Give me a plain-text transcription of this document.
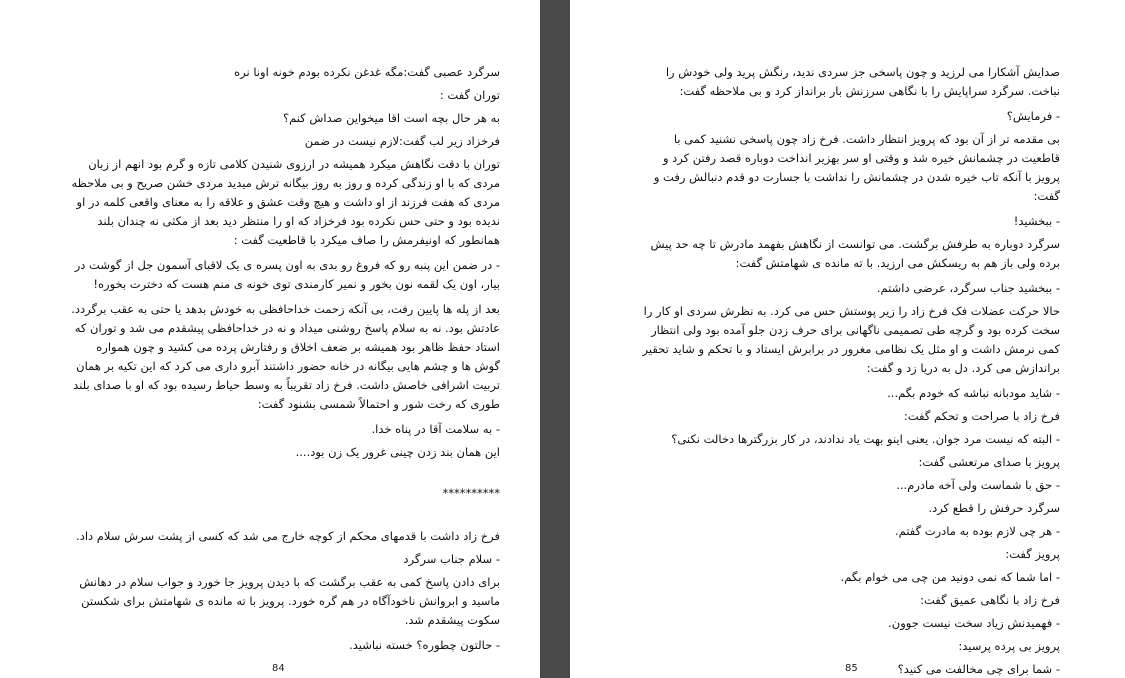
سرگرد عصبی گفت:مگه غدغن نکرده بودم خونه اونا نره

توران گفت :

به هر حال بچه است اقا میخواین صداش کنم؟

فرخزاد زیر لب گفت:لازم نیست در ضمن

توران با دقت نگاهش میکرد همیشه در ارزوی شنیدن کلامی تازه و گرم بود انهم از زبان مردی که با او زندگی کرده و روز به روز بیگانه ترش میدید مردی خشن صریح و بی ملاحظه مردی که هفت فرزند از او داشت و هیچ وقت عشق و علاقه را به معنای واقعی کلمه در او ندیده بود و حتی حس نکرده بود فرخزاد که او را منتظر دید بعد از مکثی نه چندان بلند همانطور که اونیفرمش را صاف میکرد با قاطعیت گفت :

- در ضمن این پنبه رو که فروغ رو بدی به اون پسره ی یک لاقبای آسمون جل از گوشت در بیار، اون یک لقمه نون بخور و نمیر کارمندی توی خونه ی منم هست که دخترت بخوره!

بعد از پله ها پایین رفت، بی آنکه زحمت خداحافظی به خودش بدهد یا حتی به عقب برگردد. عادتش بود. نه به سلام پاسخ روشنی میداد و نه در خداحافظی پیشقدم می شد و توران که استاد حفظ ظاهر بود همیشه بر ضعف اخلاق و رفتارش پرده می کشید و چون همواره گوش ها و چشم هایی بیگانه در خانه حضور داشتند آبرو داری می کرد که این تکیه بر همان تربیت اشرافی خاصش داشت. فرخ زاد تقریباً به وسط حیاط رسیده بود که او با صدای بلند طوری که رخت شور و احتمالاً شمسی بشنود گفت:

- به سلامت آقا در پناه خدا.

این همان بند زدن چینی غرور یک زن بود....

**********

فرخ زاد داشت با قدمهای محکم از کوچه خارج می شد که کسی از پشت سرش سلام داد.

- سلام جناب سرگرد

برای دادن پاسخ کمی به عقب برگشت که با دیدن پرویز جا خورد و جواب سلام در دهانش ماسید و ابروانش ناخودآگاه در هم گره خورد. پرویز با ته مانده ی شهامتش برای شکستن سکوت پیشقدم شد.

- حالتون چطوره؟ خسته نباشید.

84

صدایش آشکارا می لرزید و چون پاسخی جز سردی ندید، رنگش پرید ولی خودش را نباخت. سرگرد سراپایش را با نگاهی سرزنش بار برانداز کرد و بی ملاحظه گفت:

- فرمایش؟

بی مقدمه تر از آن بود که پرویز انتظار داشت. فرخ زاد چون پاسخی نشنید کمی با قاطعیت در چشمانش خیره شد و وقتی او سر بهزیر انداخت دوباره قصد رفتن کرد و پرویز با آنکه تاب خیره شدن در چشمانش را نداشت با جسارت دو قدم دنبالش رفت و گفت:

- ببخشید!

سرگرد دوباره به طرفش برگشت. می توانست از نگاهش بفهمد مادرش تا چه حد پیش برده ولی باز هم به ریسکش می ارزید. با ته مانده ی شهامتش گفت:

- ببخشید جناب سرگرد، عرضی داشتم.

حالا حرکت عضلات فک فرخ زاد را زیر پوستش حس می کرد. به نظرش سردی او کار را سخت کرده بود و گرچه طی تصمیمی ناگهانی برای حرف زدن جلو آمده بود ولی انتظار کمی نرمش داشت و او مثل یک نظامی مغرور در برابرش ایستاد و با تحکم و شاید تحقیر براندازش می کرد. دل به دریا زد و گفت:

- شاید مودبانه نباشه که خودم بگم...

فرخ زاد با صراحت و تحکم گفت:

- البته که نیست مرد جوان. یعنی اینو بهت یاد ندادند، در کار بزرگترها دخالت نکنی؟

پرویز با صدای مرتعشی گفت:

- حق با شماست ولی آخه مادرم...

سرگرد حرفش را قطع کرد.

- هر چی لازم بوده به مادرت گفتم.

پرویز گفت:

- اما شما که نمی دونید من چی می خوام بگم.

فرخ زاد با نگاهی عمیق گفت:

- فهمیدنش زیاد سخت نیست جوون.

پرویز بی پرده پرسید:

- شما برای چی مخالفت می کنید؟

85
